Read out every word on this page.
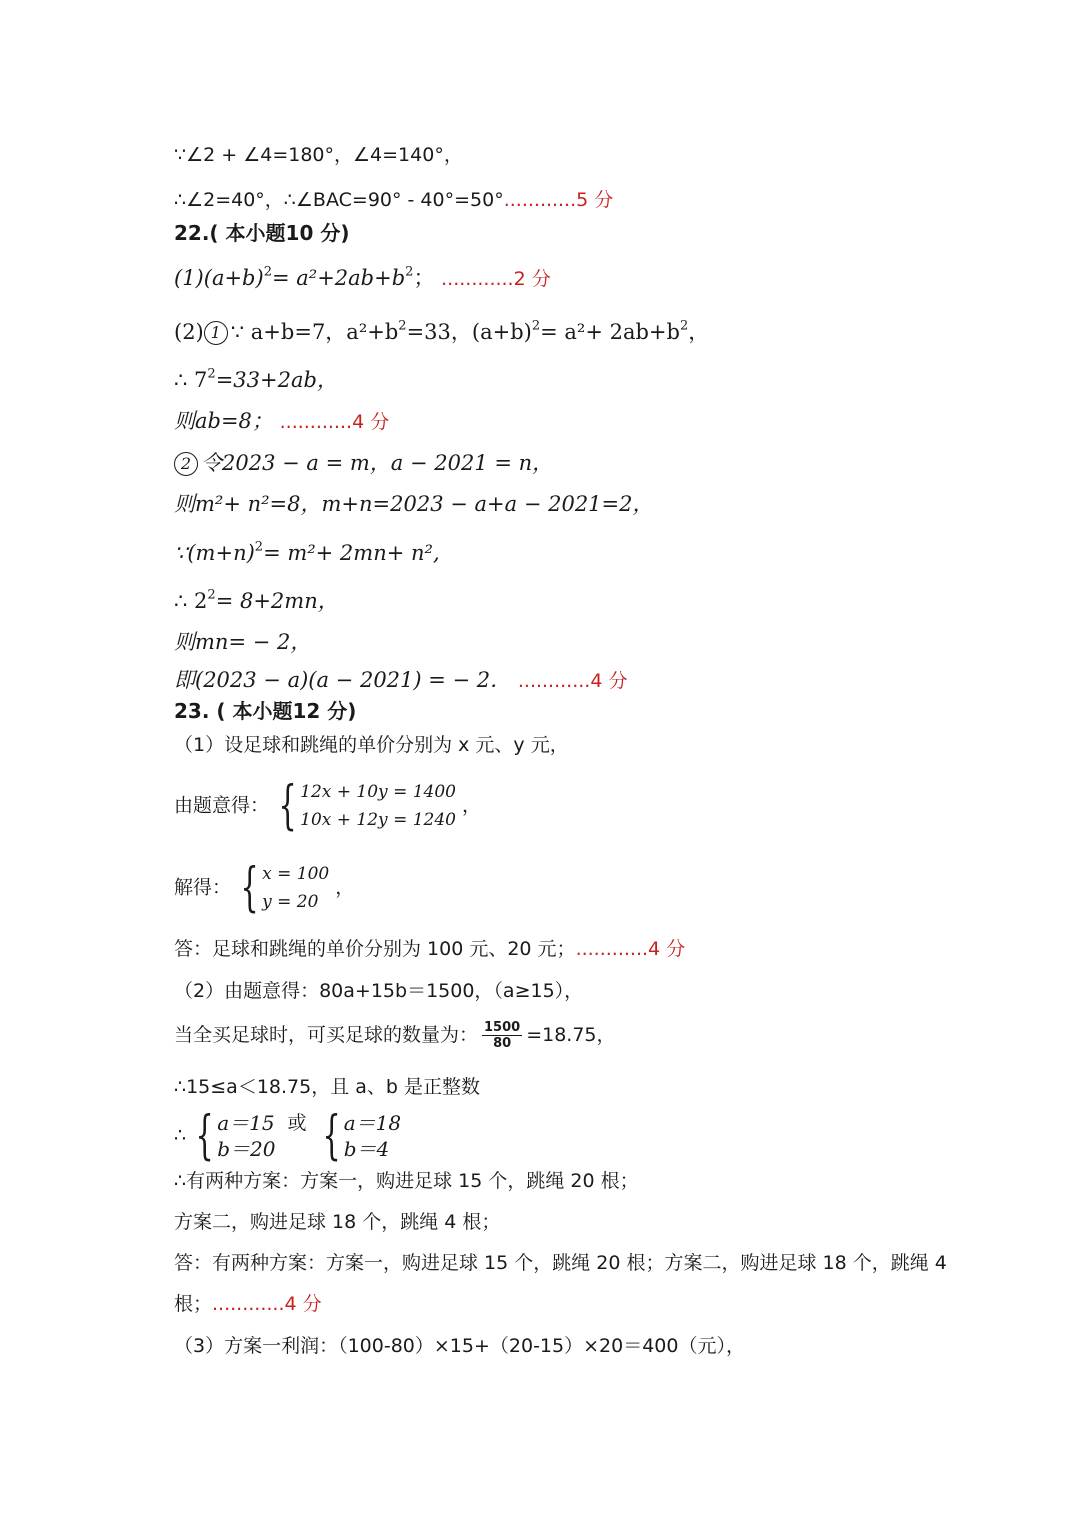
∵∠2 + ∠4=180°，∠4=140°，
∴∠2=40°，∴∠BAC=90° - 40°=50°............5 分
22.( 本小题10 分)
$(1)(a+b)^2= a^2+2ab+b^2$； ............2 分
(2) 1 ∵ a+b=7，$a^2+b^2=33$，$(a+b)^2= a^2+ 2ab+b^2$，
∴ $7^2=33+2ab$，
则ab=8； ............4 分
2 令2023 − a = m，a − 2021 = n，
则m²+ n²=8，m+n=2023 − a+a − 2021=2，
$\because(m+n)^2= m^2+ 2mn+ n^2$,
∴ $2^2= 8+2mn$，
则mn= − 2，
即(2023 − a)(a − 2021) = − 2． ............4 分
23. ( 本小题12 分)
（1）设足球和跳绳的单价分别为 x 元、y 元，
由题意得： { 12x + 10y = 1400
10x + 12y = 1240
，
解得： { x = 100
y = 20
，
答：足球和跳绳的单价分别为 100 元、20 元；............4 分
（2）由题意得：80a+15b＝1500，（a≥15），
当全买足球时，可买足球的数量为： $\frac{1500}{80} =18.75$，
∴15≤a＜18.75，且 a、b 是正整数
∴ { a＝15
b＝20
或 { a＝18
b＝4
∴有两种方案：方案一，购进足球 15 个，跳绳 20 根；
方案二，购进足球 18 个，跳绳 4 根；
答：有两种方案：方案一，购进足球 15 个，跳绳 20 根；方案二，购进足球 18 个，跳绳 4
根；............4 分
（3）方案一利润：（100-80）×15+（20-15）×20＝400（元），
